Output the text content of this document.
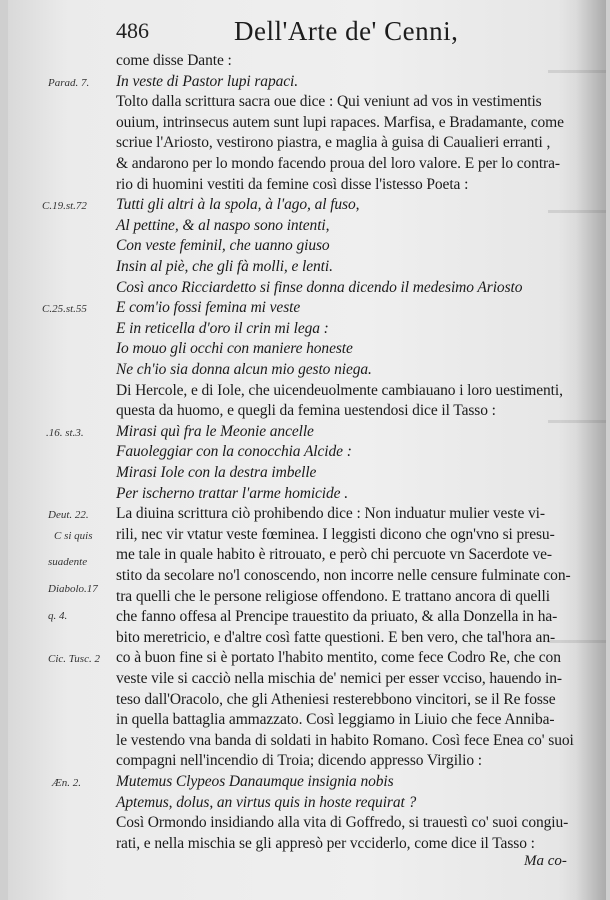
486	Dell'Arte de' Cenni,
Parad. 7.
C.19.st.72
C.25.st.55
.16. st.3.
Deut. 22.
C si quis
suadente
Diabolo.17
q. 4.
Cic. Tusc. 2
Æn. 2.
come disse Dante :
In veste di Pastor lupi rapaci.
Tolto dalla scrittura sacra oue dice : Qui veniunt ad vos in vestimentis
ouium, intrinsecus autem sunt lupi rapaces. Marfisa, e Bradamante, come
scriue l'Ariosto, vestirono piastra, e maglia à guisa di Caualieri erranti ,
& andarono per lo mondo facendo proua del loro valore. E per lo contra-
rio di huomini vestiti da femine così disse l'istesso Poeta :
Tutti gli altri à la spola, à l'ago, al fuso,
Al pettine, & al naspo sono intenti,
Con veste feminil, che uanno giuso
Insin al piè, che gli fà molli, e lenti.
Così anco Ricciardetto si finse donna dicendo il medesimo Ariosto
E com'io fossi femina mi veste
E in reticella d'oro il crin mi lega :
Io mouo gli occhi con maniere honeste
Ne ch'io sia donna alcun mio gesto niega.
Di Hercole, e di Iole, che uicendeuolmente cambiauano i loro uestimenti,
questa da huomo, e quegli da femina uestendosi dice il Tasso :
Mirasi quì fra le Meonie ancelle
Fauoleggiar con la conocchia Alcide :
Mirasi Iole con la destra imbelle
Per ischerno trattar l'arme homicide .
La diuina scrittura ciò prohibendo dice : Non induatur mulier veste vi-
rili, nec vir vtatur veste fœminea. I leggisti dicono che ogn'vno si presu-
me tale in quale habito è ritrouato, e però chi percuote vn Sacerdote ve-
stito da secolare no'l conoscendo, non incorre nelle censure fulminate con-
tra quelli che le persone religiose offendono. E trattano ancora di quelli
che fanno offesa al Prencipe trauestito da priuato, & alla Donzella in ha-
bito meretricio, e d'altre così fatte questioni. E ben vero, che tal'hora an-
co à buon fine si è portato l'habito mentito, come fece Codro Re, che con
veste vile si cacciò nella mischia de' nemici per esser vcciso, hauendo in-
teso dall'Oracolo, che gli Atheniesi resterebbono vincitori, se il Re fosse
in quella battaglia ammazzato. Così leggiamo in Liuio che fece Anniba-
le vestendo vna banda di soldati in habito Romano. Così fece Enea co' suoi
compagni nell'incendio di Troia; dicendo appresso Virgilio :
Mutemus Clypeos Danaumque insignia nobis
Aptemus, dolus, an virtus quis in hoste requirat ?
Così Ormondo insidiando alla vita di Goffredo, si trauestì co' suoi congiu-
rati, e nella mischia se gli appresò per vcciderlo, come dice il Tasso :
Ma co-
